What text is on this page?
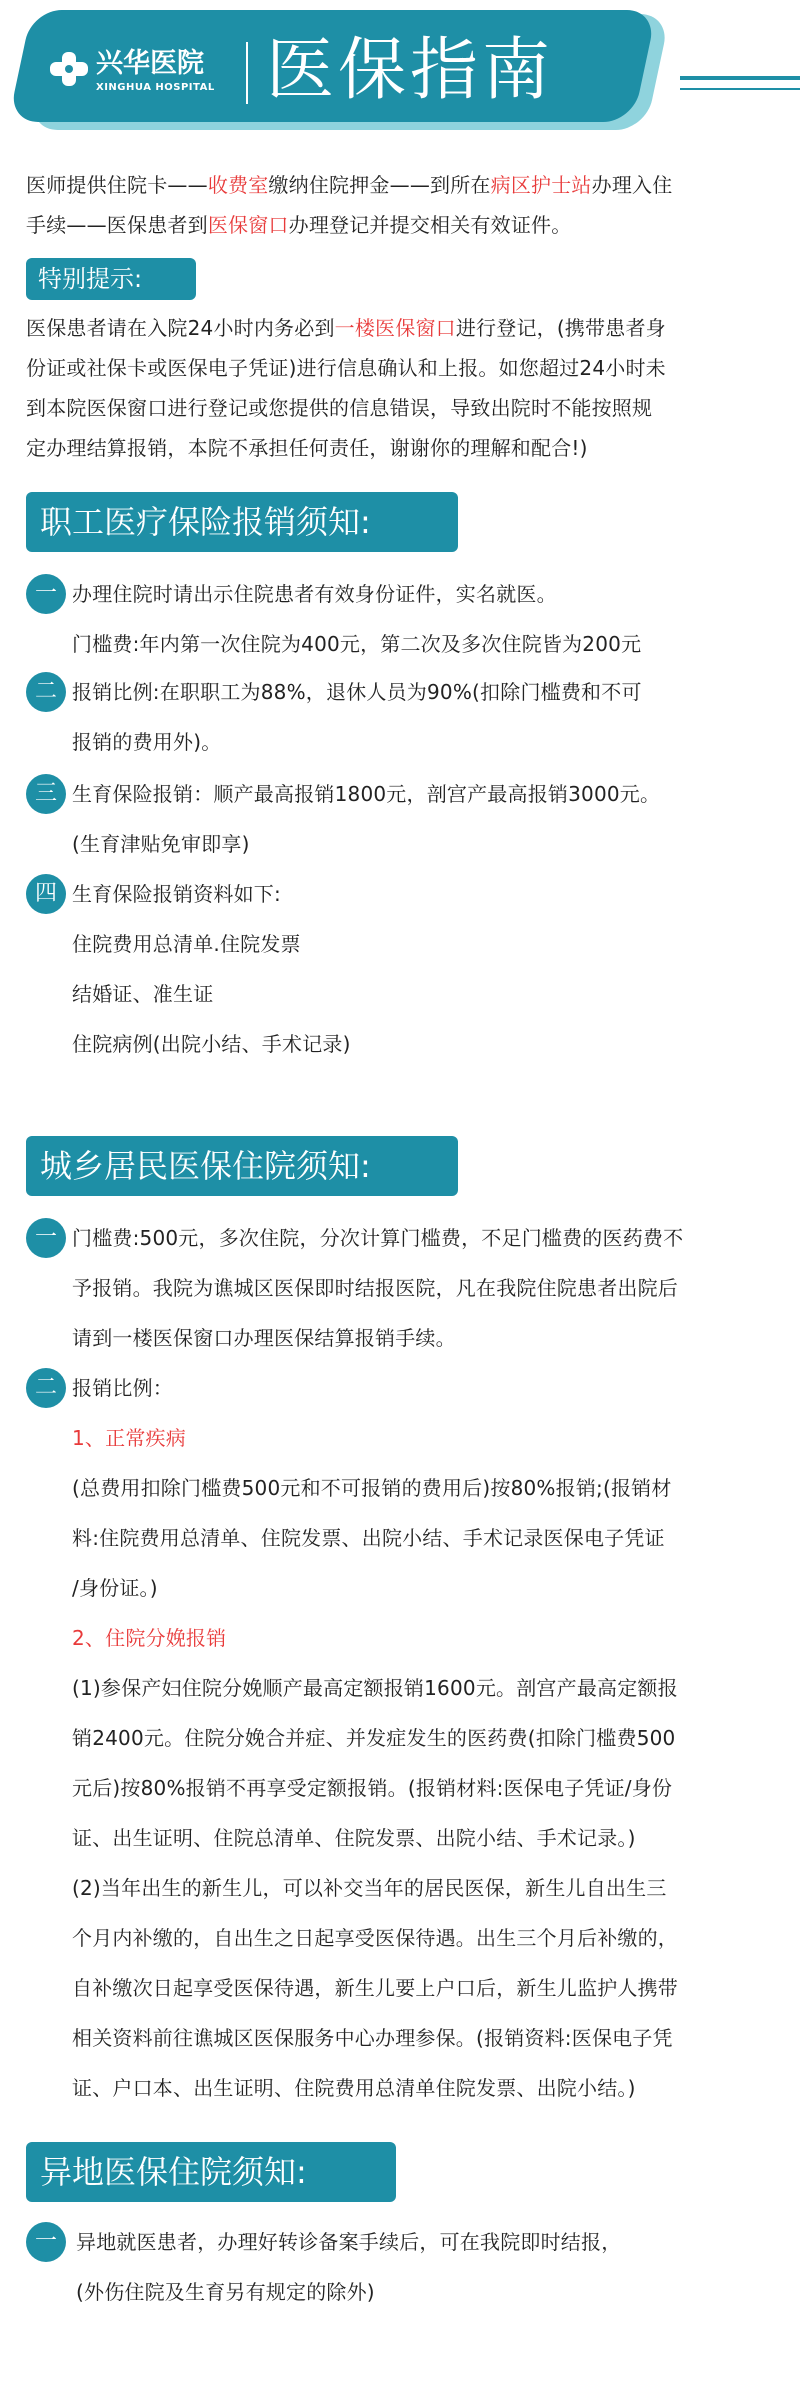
兴华医院
XINGHUA HOSPITAL 医保指南
医师提供住院卡——收费室缴纳住院押金——到所在病区护士站办理入住
手续——医保患者到医保窗口办理登记并提交相关有效证件。
特别提示:
医保患者请在入院24小时内务必到一楼医保窗口进行登记，(携带患者身
份证或社保卡或医保电子凭证)进行信息确认和上报。如您超过24小时未
到本院医保窗口进行登记或您提供的信息错误，导致出院时不能按照规
定办理结算报销，本院不承担任何责任，谢谢你的理解和配合!)
职工医疗保险报销须知:
一 办理住院时请出示住院患者有效身份证件，实名就医。
门槛费:年内第一次住院为400元，第二次及多次住院皆为200元
二 报销比例:在职职工为88%，退休人员为90%(扣除门槛费和不可
报销的费用外)。
三 生育保险报销：顺产最高报销1800元，剖宫产最高报销3000元。
(生育津贴免审即享)
四 生育保险报销资料如下:
住院费用总清单.住院发票
结婚证、准生证
住院病例(出院小结、手术记录)
城乡居民医保住院须知:
一 门槛费:500元，多次住院，分次计算门槛费，不足门槛费的医药费不
予报销。我院为谯城区医保即时结报医院，凡在我院住院患者出院后
请到一楼医保窗口办理医保结算报销手续。
二 报销比例：
1、正常疾病
(总费用扣除门槛费500元和不可报销的费用后)按80%报销;(报销材
料:住院费用总清单、住院发票、出院小结、手术记录医保电子凭证
/身份证。)
2、住院分娩报销
(1)参保产妇住院分娩顺产最高定额报销1600元。剖宫产最高定额报
销2400元。住院分娩合并症、并发症发生的医药费(扣除门槛费500
元后)按80%报销不再享受定额报销。(报销材料:医保电子凭证/身份
证、出生证明、住院总清单、住院发票、出院小结、手术记录。)
(2)当年出生的新生儿，可以补交当年的居民医保，新生儿自出生三
个月内补缴的，自出生之日起享受医保待遇。出生三个月后补缴的，
自补缴次日起享受医保待遇，新生儿要上户口后，新生儿监护人携带
相关资料前往谯城区医保服务中心办理参保。(报销资料:医保电子凭
证、户口本、出生证明、住院费用总清单住院发票、出院小结。)
异地医保住院须知:
一 异地就医患者，办理好转诊备案手续后，可在我院即时结报，
(外伤住院及生育另有规定的除外)
